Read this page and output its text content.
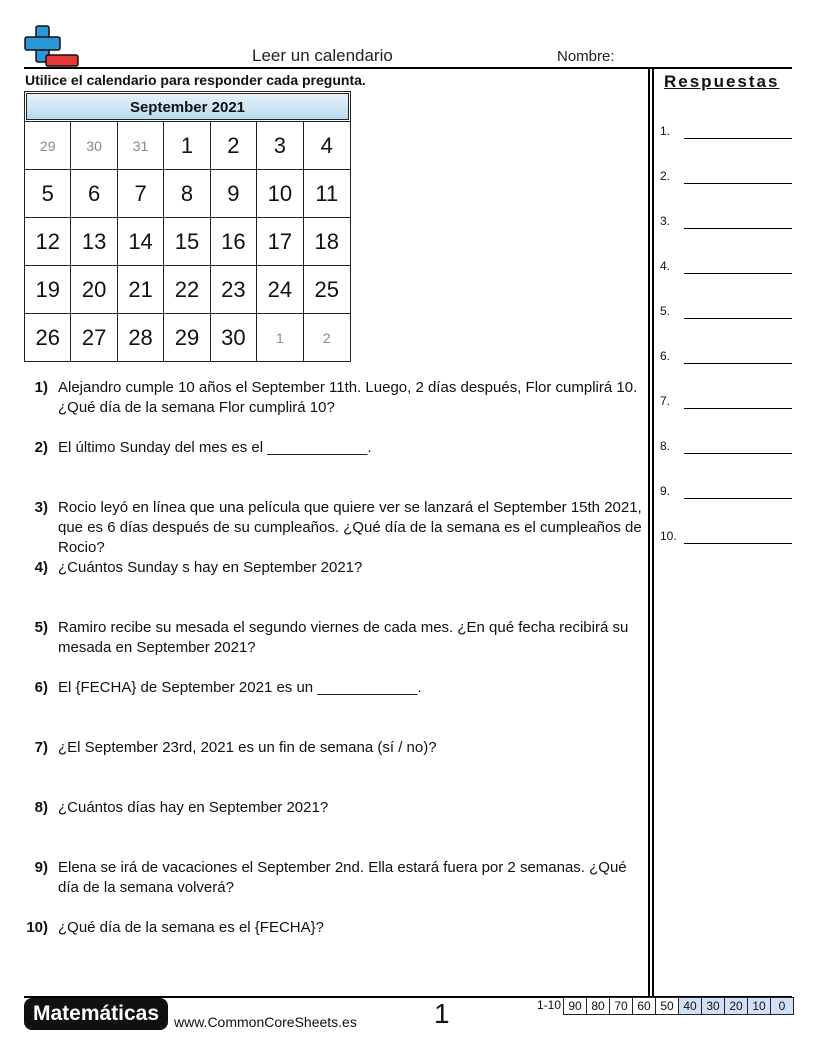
Leer un calendario	Nombre:
Utilice el calendario para responder cada pregunta.
September 2021
29	30	31	1	2	3	4
5	6	7	8	9	10	11
12 13 14 15 16 17	18
19 20 21 22 23 24	25
26 27 28 29 30	1	2
1) Alejandro cumple 10 años el September 11th. Luego, 2 días después, Flor cumplirá 10. ¿Qué día de la semana Flor cumplirá 10?
2) El último Sunday del mes es el ____________.
3) Rocio leyó en línea que una película que quiere ver se lanzará el September 15th 2021, que es 6 días después de su cumpleaños. ¿Qué día de la semana es el cumpleaños de Rocio?
4) ¿Cuántos Sunday s hay en September 2021?
5) Ramiro recibe su mesada el segundo viernes de cada mes. ¿En qué fecha recibirá su mesada en September 2021?
6) El {FECHA} de September 2021 es un ____________.
7) ¿El September 23rd, 2021 es un fin de semana (sí / no)?
8) ¿Cuántos días hay en September 2021?
9) Elena se irá de vacaciones el September 2nd. Ella estará fuera por 2 semanas. ¿Qué día de la semana volverá?
10) ¿Qué día de la semana es el {FECHA}?
Respuestas
1.
2.
3.
4.
5.
6.
7.
8.
9.
10.
Matemáticas	www.CommonCoreSheets.es	1	1-10 90 80 70 60 50 40 30 20 10	0
